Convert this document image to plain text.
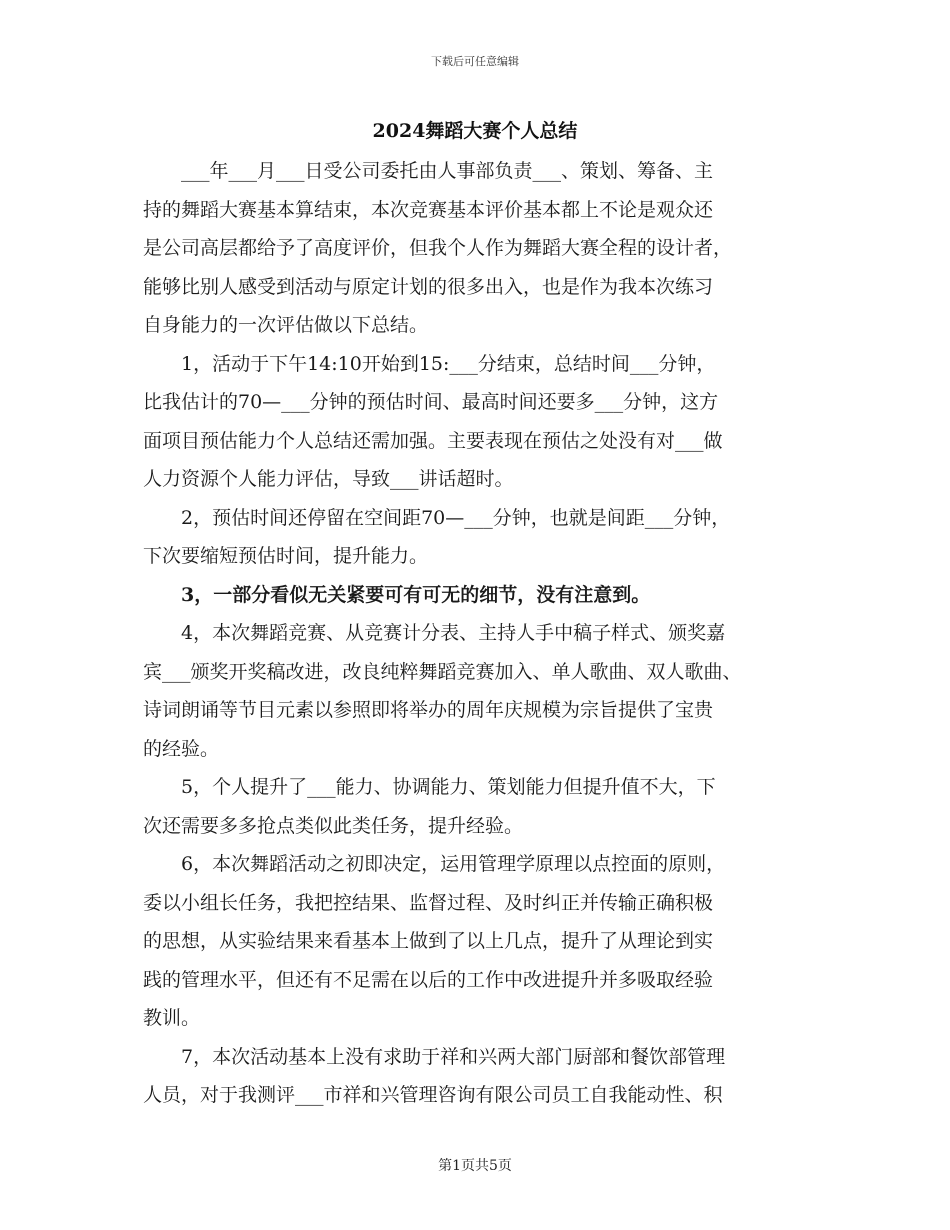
下载后可任意编辑
2024舞蹈大赛个人总结

___年___月___日受公司委托由人事部负责___、策划、筹备、主
持的舞蹈大赛基本算结束，本次竞赛基本评价基本都上不论是观众还
是公司高层都给予了高度评价，但我个人作为舞蹈大赛全程的设计者，
能够比别人感受到活动与原定计划的很多出入，也是作为我本次练习
自身能力的一次评估做以下总结。

1，活动于下午14:10开始到15:___分结束，总结时间___分钟，
比我估计的70—___分钟的预估时间、最高时间还要多___分钟，这方
面项目预估能力个人总结还需加强。主要表现在预估之处没有对___做
人力资源个人能力评估，导致___讲话超时。

2，预估时间还停留在空间距70—___分钟，也就是间距___分钟，
下次要缩短预估时间，提升能力。

3，一部分看似无关紧要可有可无的细节，没有注意到。

4，本次舞蹈竞赛、从竞赛计分表、主持人手中稿子样式、颁奖嘉
宾___颁奖开奖稿改进，改良纯粹舞蹈竞赛加入、单人歌曲、双人歌曲、
诗词朗诵等节目元素以参照即将举办的周年庆规模为宗旨提供了宝贵
的经验。

5，个人提升了___能力、协调能力、策划能力但提升值不大，下
次还需要多多抢点类似此类任务，提升经验。

6，本次舞蹈活动之初即决定，运用管理学原理以点控面的原则，
委以小组长任务，我把控结果、监督过程、及时纠正并传输正确积极
的思想，从实验结果来看基本上做到了以上几点，提升了从理论到实
践的管理水平，但还有不足需在以后的工作中改进提升并多吸取经验
教训。

7，本次活动基本上没有求助于祥和兴两大部门厨部和餐饮部管理
人员，对于我测评___市祥和兴管理咨询有限公司员工自我能动性、积

第1页共5页
